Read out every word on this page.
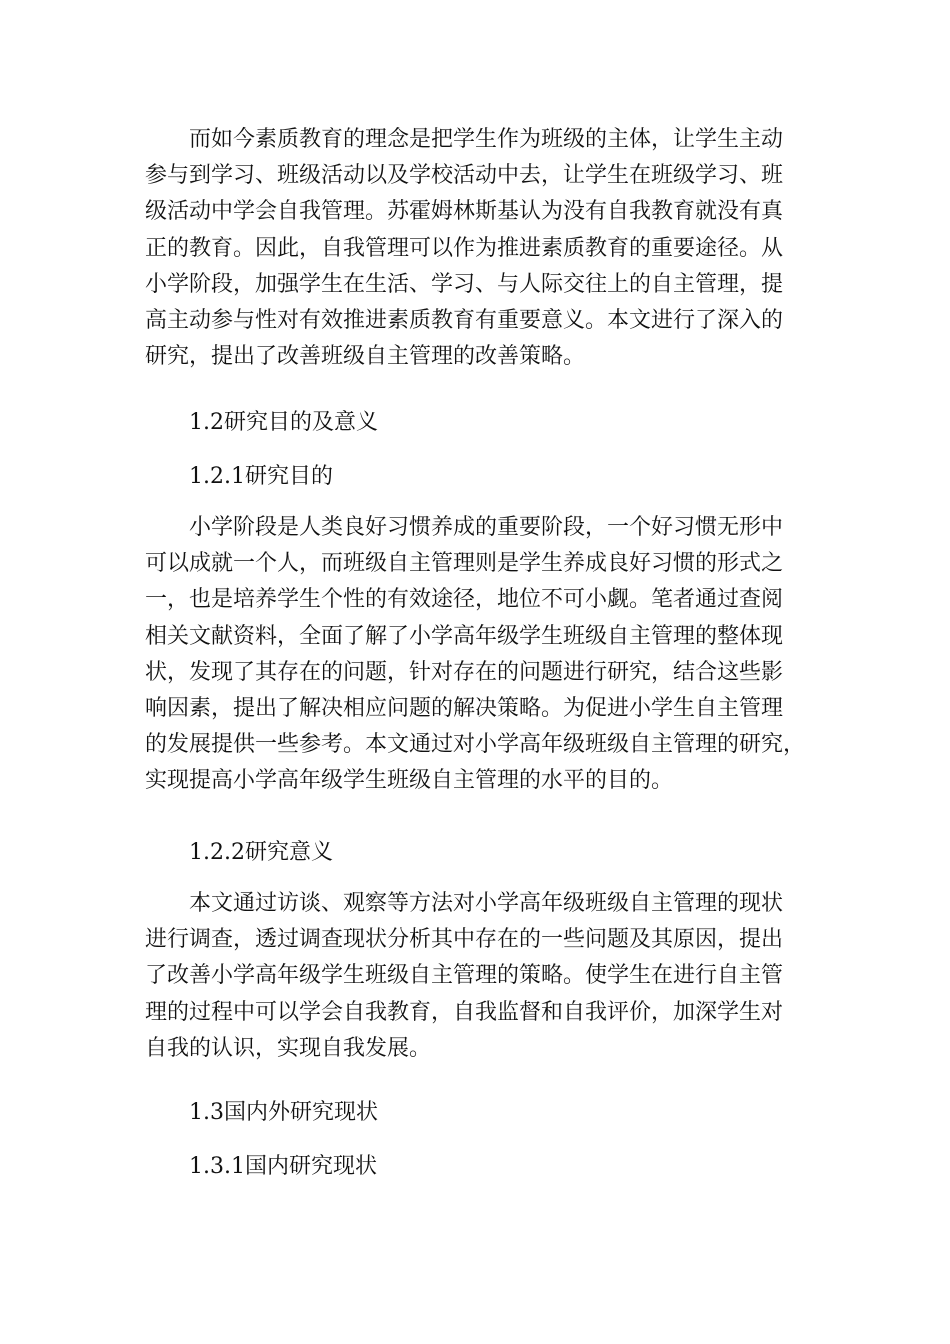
而如今素质教育的理念是把学生作为班级的主体，让学生主动
参与到学习、班级活动以及学校活动中去，让学生在班级学习、班
级活动中学会自我管理。苏霍姆林斯基认为没有自我教育就没有真
正的教育。因此，自我管理可以作为推进素质教育的重要途径。从
小学阶段，加强学生在生活、学习、与人际交往上的自主管理，提
高主动参与性对有效推进素质教育有重要意义。本文进行了深入的
研究，提出了改善班级自主管理的改善策略。

1.2研究目的及意义
1.2.1研究目的

小学阶段是人类良好习惯养成的重要阶段，一个好习惯无形中
可以成就一个人，而班级自主管理则是学生养成良好习惯的形式之
一，也是培养学生个性的有效途径，地位不可小觑。笔者通过查阅
相关文献资料，全面了解了小学高年级学生班级自主管理的整体现
状，发现了其存在的问题，针对存在的问题进行研究，结合这些影
响因素，提出了解决相应问题的解决策略。为促进小学生自主管理
的发展提供一些参考。本文通过对小学高年级班级自主管理的研究，
实现提高小学高年级学生班级自主管理的水平的目的。

1.2.2研究意义

本文通过访谈、观察等方法对小学高年级班级自主管理的现状
进行调查，透过调查现状分析其中存在的一些问题及其原因，提出
了改善小学高年级学生班级自主管理的策略。使学生在进行自主管
理的过程中可以学会自我教育，自我监督和自我评价，加深学生对
自我的认识，实现自我发展。

1.3国内外研究现状
1.3.1国内研究现状
